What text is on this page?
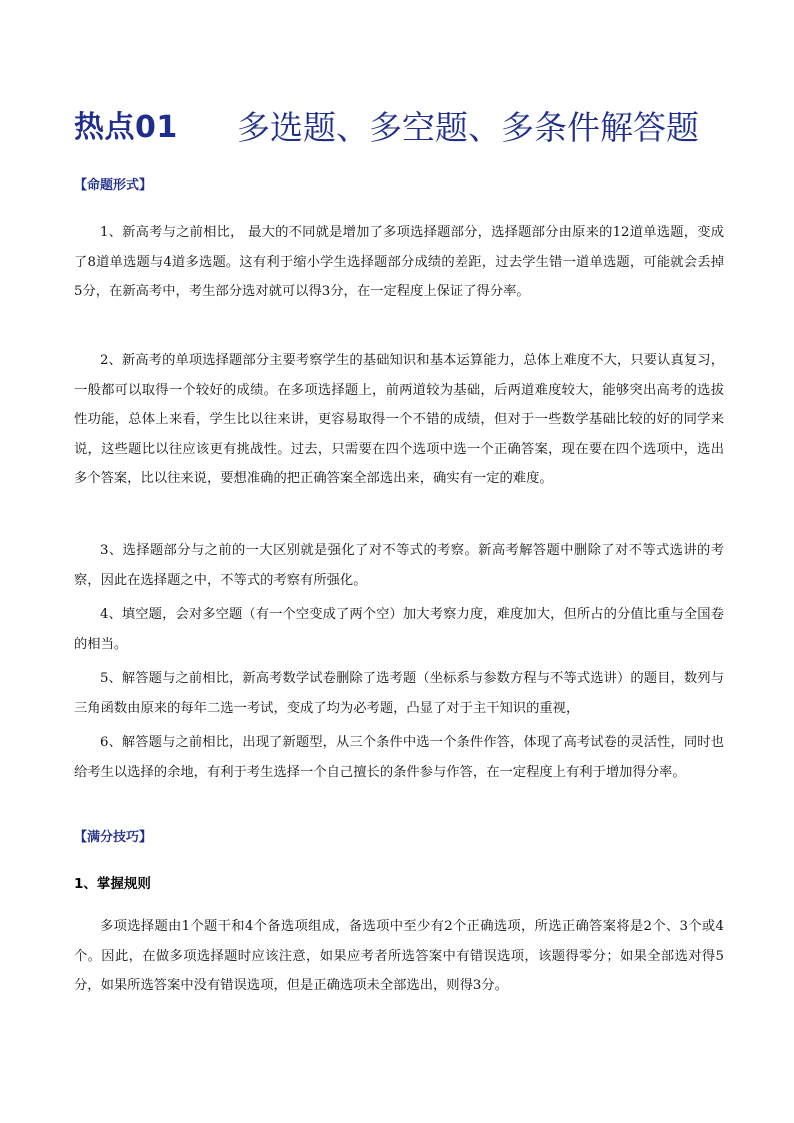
热点01 多选题、多空题、多条件解答题
【命题形式】

1、新高考与之前相比， 最大的不同就是增加了多项选择题部分，选择题部分由原来的12道单选题，变成了8道单选题与4道多选题。这有利于缩小学生选择题部分成绩的差距，过去学生错一道单选题，可能就会丢掉5分，在新高考中，考生部分选对就可以得3分，在一定程度上保证了得分率。

2、新高考的单项选择题部分主要考察学生的基础知识和基本运算能力，总体上难度不大，只要认真复习，一般都可以取得一个较好的成绩。在多项选择题上，前两道较为基础，后两道难度较大，能够突出高考的选拔性功能，总体上来看，学生比以往来讲，更容易取得一个不错的成绩，但对于一些数学基础比较的好的同学来说，这些题比以往应该更有挑战性。过去，只需要在四个选项中选一个正确答案，现在要在四个选项中，选出多个答案，比以往来说，要想准确的把正确答案全部选出来，确实有一定的难度。

3、选择题部分与之前的一大区别就是强化了对不等式的考察。新高考解答题中删除了对不等式选讲的考察，因此在选择题之中，不等式的考察有所强化。

4、填空题，会对多空题（有一个空变成了两个空）加大考察力度，难度加大，但所占的分值比重与全国卷的相当。

5、解答题与之前相比，新高考数学试卷删除了选考题（坐标系与参数方程与不等式选讲）的题目，数列与三角函数由原来的每年二选一考试，变成了均为必考题，凸显了对于主干知识的重视，

6、解答题与之前相比，出现了新题型，从三个条件中选一个条件作答，体现了高考试卷的灵活性，同时也给考生以选择的余地，有利于考生选择一个自己擅长的条件参与作答，在一定程度上有利于增加得分率。

【满分技巧】
1、掌握规则

多项选择题由1个题干和4个备选项组成，备选项中至少有2个正确选项，所选正确答案将是2个、3个或4个。因此，在做多项选择题时应该注意，如果应考者所选答案中有错误选项，该题得零分；如果全部选对得5分，如果所选答案中没有错误选项，但是正确选项未全部选出，则得3分。
